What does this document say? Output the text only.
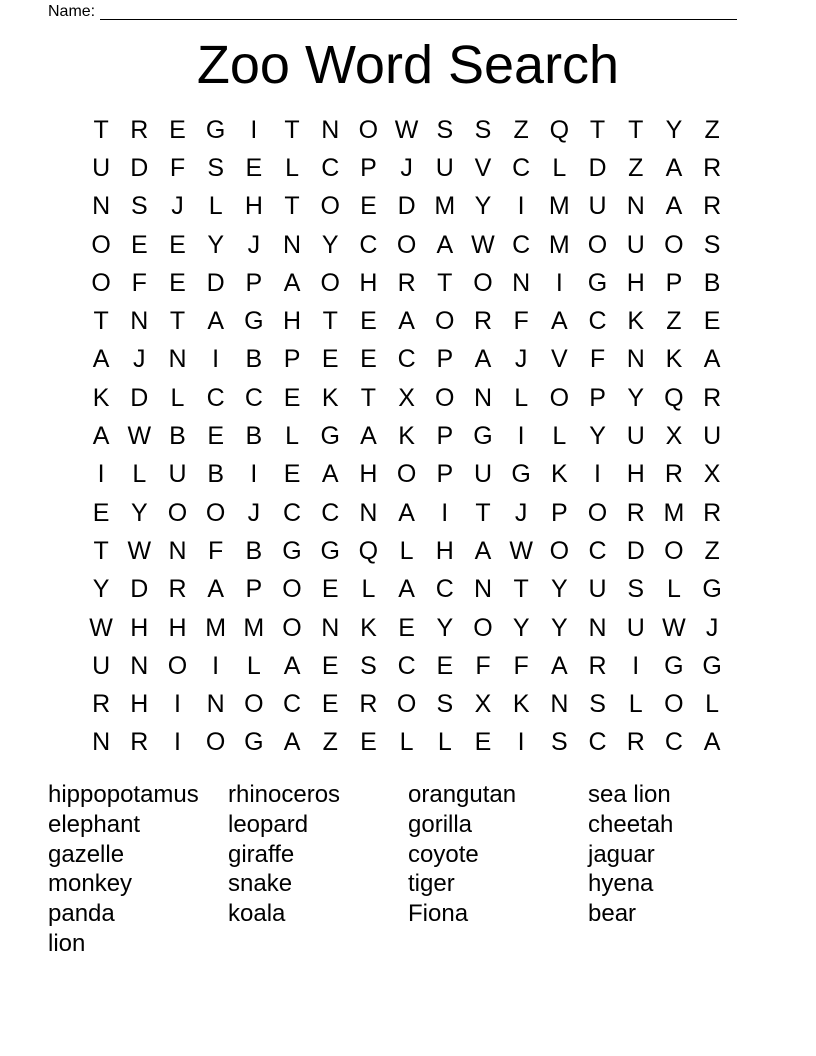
Name:
Zoo Word Search
T R E G I	T N O W S S Z Q T T Y Z
U D F S E L C P J U V C L D Z A R
N S J L H T O E D M Y	I M U N A R
O E E Y J N Y C O A W C M O U O S
O F E D P A O H R T O N	I G H P B
T N T A G H T E A O R F A C K Z E
A J N	I	B P E E C P A J V F N K A
K D L C C E K T X O N L O P Y Q R
A W B E B L G A K P G I	L Y U X U
I	L U B	I	E A H O P U G K	I	H R X
E Y O O J C C N A	I	T J P O R M R
T W N F B G G Q L H A W O C D O Z
Y D R A P O E L A C N T Y U S L G
W H H M M O N K E Y O Y Y N U W J
U N O I	L A E S C E F F A R	I G G
R H	I	N O C E R O S X K N S L O L
N R	I O G A Z E L L E	I	S C R C A
hippopotamus	rhinoceros	orangutan	sea lion
elephant	leopard	gorilla	cheetah
gazelle	giraffe	coyote	jaguar
monkey	snake	tiger	hyena
panda	koala	Fiona	bear
lion
